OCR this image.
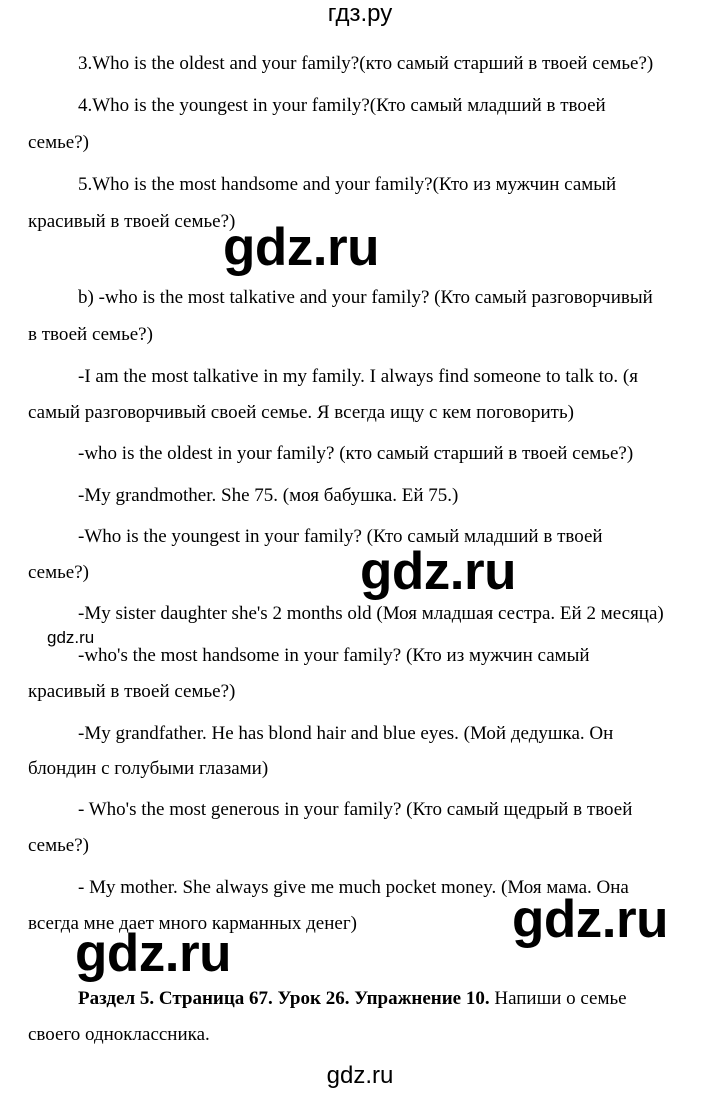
гдз.ру
3.Who is the oldest and your family?(кто самый старший в твоей семье?)
4.Who is the youngest in your family?(Кто самый младший в твоей
семье?)
5.Who is the most handsome and your family?(Кто из мужчин самый
красивый в твоей семье?)
gdz.ru
b) -who is the most talkative and your family? (Кто самый разговорчивый
в твоей семье?)
-I am the most talkative in my family. I always find someone to talk to. (я
самый разговорчивый своей семье. Я всегда ищу с кем поговорить)
-who is the oldest in your family? (кто самый старший в твоей семье?)
-My grandmother. She 75. (моя бабушка. Ей 75.)
-Who is the youngest in your family? (Кто самый младший в твоей
семье?)	gdz.ru
-My sister daughter she's 2 months old (Моя младшая сестра. Ей 2 месяца)
gdz.ru
-who's the most handsome in your family? (Кто из мужчин самый
красивый в твоей семье?)
-My grandfather. He has blond hair and blue eyes. (Мой дедушка. Он
блондин с голубыми глазами)
- Who's the most generous in your family? (Кто самый щедрый в твоей
семье?)
- My mother. She always give me much pocket money. (Моя мама. Она
всегда мне дает много карманных денег)	gdz.ru
gdz.ru
Раздел 5. Страница 67. Урок 26. Упражнение 10. Напиши о семье
своего одноклассника.
gdz.ru
